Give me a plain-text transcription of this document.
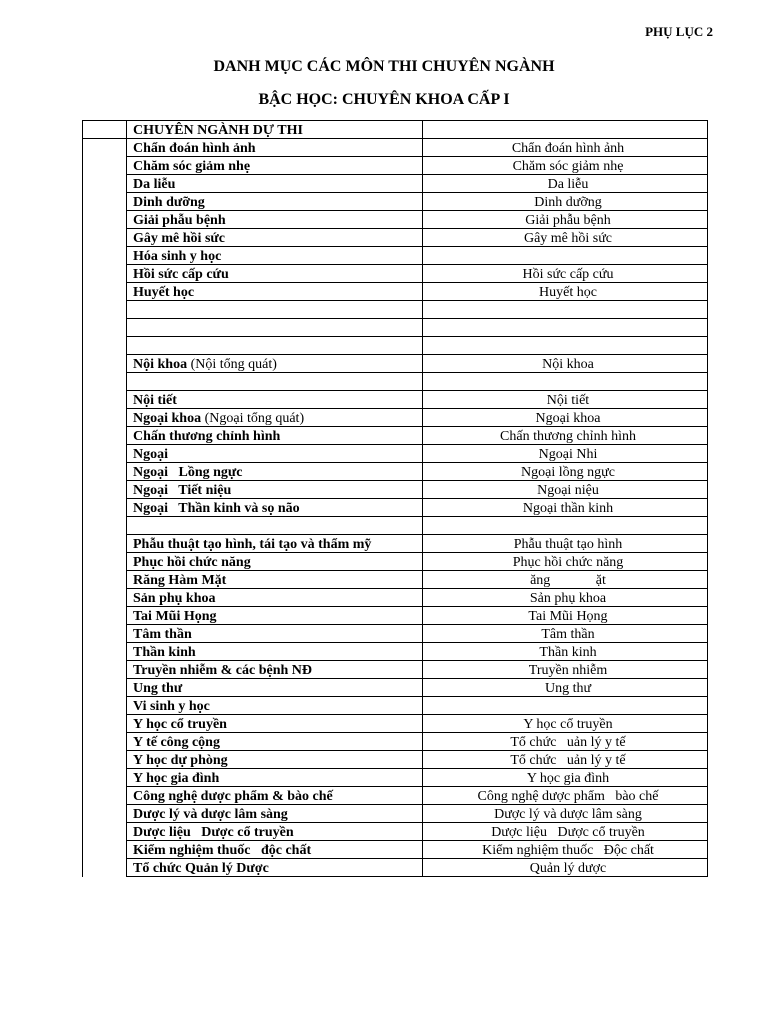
PHỤ LỤC 2

DANH MỤC CÁC MÔN THI CHUYÊN NGÀNH
BẬC HỌC: CHUYÊN KHOA CẤP I
	CHUYÊN NGÀNH DỰ THI	
	Chẩn đoán hình ảnh	Chẩn đoán hình ảnh
	Chăm sóc giảm nhẹ	Chăm sóc giảm nhẹ
	Da liễu	Da liễu
	Dinh dưỡng	Dinh dưỡng
	Giải phẫu bệnh	Giải phẫu bệnh
	Gây mê hồi sức	Gây mê hồi sức
	Hóa sinh y học	
	Hồi sức cấp cứu	Hồi sức cấp cứu
	Huyết học	Huyết học

	Nội khoa (Nội tổng quát)	Nội khoa

	Nội tiết	Nội tiết
	Ngoại khoa (Ngoại tổng quát)	Ngoại khoa
	Chấn thương chỉnh hình	Chấn thương chỉnh hình
	Ngoại	Ngoại Nhi
	Ngoại   Lồng ngực	Ngoại lồng ngực
	Ngoại   Tiết niệu	Ngoại niệu
	Ngoại   Thần kinh và sọ não	Ngoại thần kinh

	Phẫu thuật tạo hình, tái tạo và thẩm mỹ	Phẫu thuật tạo hình
	Phục hồi chức năng	Phục hồi chức năng
	Răng Hàm Mặt	ăng             ặt
	Sản phụ khoa	Sản phụ khoa
	Tai Mũi Họng	Tai Mũi Họng
	Tâm thần	Tâm thần
	Thần kinh	Thần kinh
	Truyền nhiễm & các bệnh NĐ	Truyền nhiễm
	Ung thư	Ung thư
	Vi sinh y học	
	Y học cổ truyền	Y học cổ truyền
	Y tế công cộng	Tổ chức   uản lý y tế
	Y học dự phòng	Tổ chức   uản lý y tế
	Y học gia đình	Y học gia đình
	Công nghệ dược phẩm & bào chế	Công nghệ dược phẩm   bào chế
	Dược lý và dược lâm sàng	Dược lý và dược lâm sàng
	Dược liệu   Dược cổ truyền	Dược liệu   Dược cổ truyền
	Kiểm nghiệm thuốc   độc chất	Kiểm nghiệm thuốc   Độc chất
	Tổ chức Quản lý Dược	Quản lý dược
